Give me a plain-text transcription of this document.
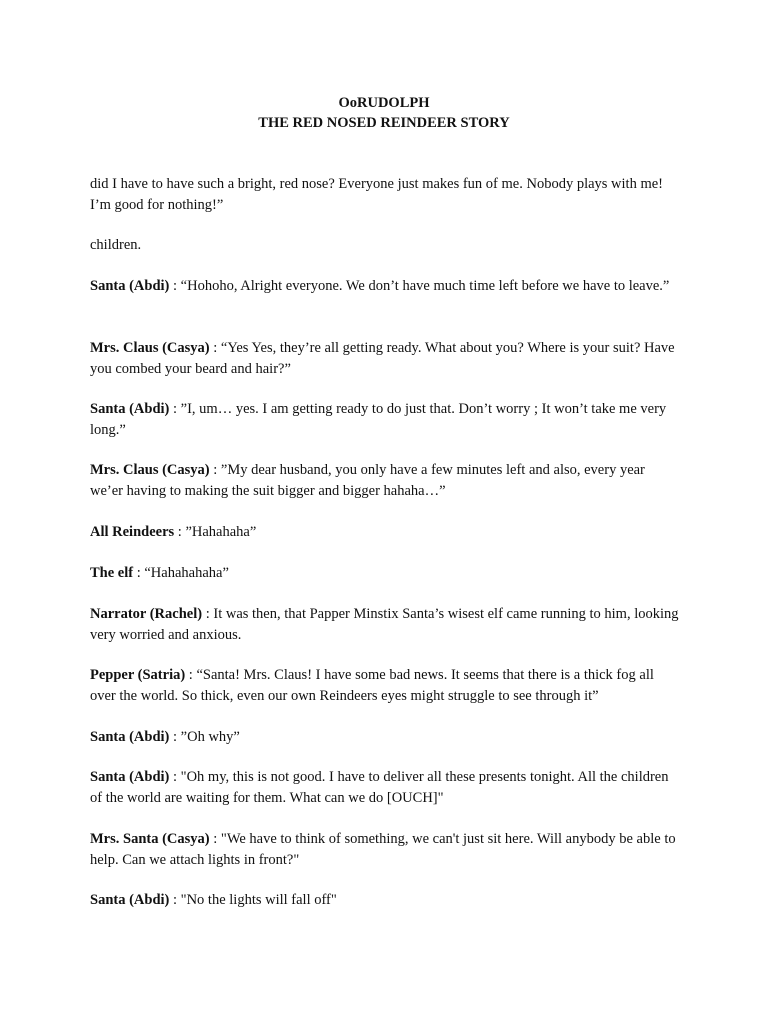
OoRUDOLPH
THE RED NOSED REINDEER STORY

did I have to have such a bright, red nose? Everyone just makes fun of me. Nobody plays with me! I’m good for nothing!”

children.

Santa (Abdi) : “Hohoho, Alright everyone. We don’t have much time left before we have to leave.”

Mrs. Claus (Casya) : “Yes Yes, they’re all getting ready. What about you? Where is your suit? Have you combed your beard and hair?”

Santa (Abdi) : ”I, um… yes. I am getting ready to do just that. Don’t worry ; It won’t take me very long.”

Mrs. Claus (Casya) : ”My dear husband, you only have a few minutes left and also, every year we’er having to making the suit bigger and bigger hahaha…”

All Reindeers : ”Hahahaha”

The elf : “Hahahahaha”

Narrator (Rachel) : It was then, that Papper Minstix Santa’s wisest elf came running to him, looking very worried and anxious.

Pepper (Satria) : “Santa! Mrs. Claus! I have some bad news. It seems that there is a thick fog all over the world. So thick, even our own Reindeers eyes might struggle to see through it”

Santa (Abdi) : ”Oh why”

Santa (Abdi) : "Oh my, this is not good. I have to deliver all these presents tonight. All the children of the world are waiting for them. What can we do [OUCH]"

Mrs. Santa (Casya) : "We have to think of something, we can't just sit here. Will anybody be able to help. Can we attach lights in front?"

Santa (Abdi) : "No the lights will fall off"
